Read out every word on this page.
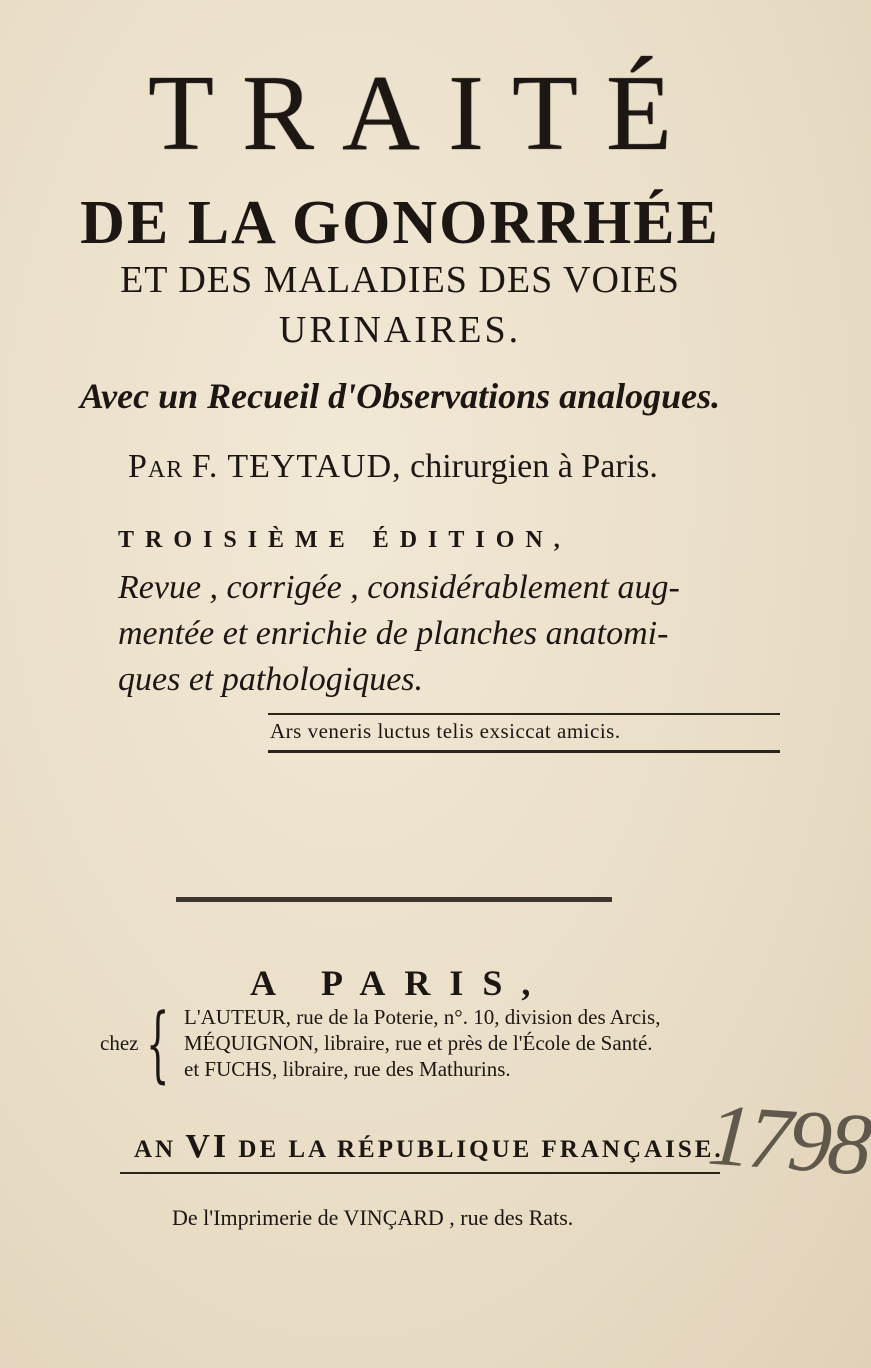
TRAITÉ
DE LA GONORRHÉE
ET DES MALADIES DES VOIES
URINAIRES.
Avec un Recueil d'Observations analogues.
Par F. TEYTAUD, chirurgien à Paris.
TROISIÈME ÉDITION,
Revue , corrigée , considérablement aug-
mentée et enrichie de planches anatomi-
ques et pathologiques.
Ars veneris luctus telis exsiccat amicis.
A PARIS,
chez { L'AUTEUR, rue de la Poterie, n°. 10, division des Arcis,
MÉQUIGNON, libraire, rue et près de l'École de Santé.
et FUCHS, libraire, rue des Mathurins.
AN VI DE LA RÉPUBLIQUE FRANÇAISE.
De l'Imprimerie de VINÇARD , rue des Rats.
1798
